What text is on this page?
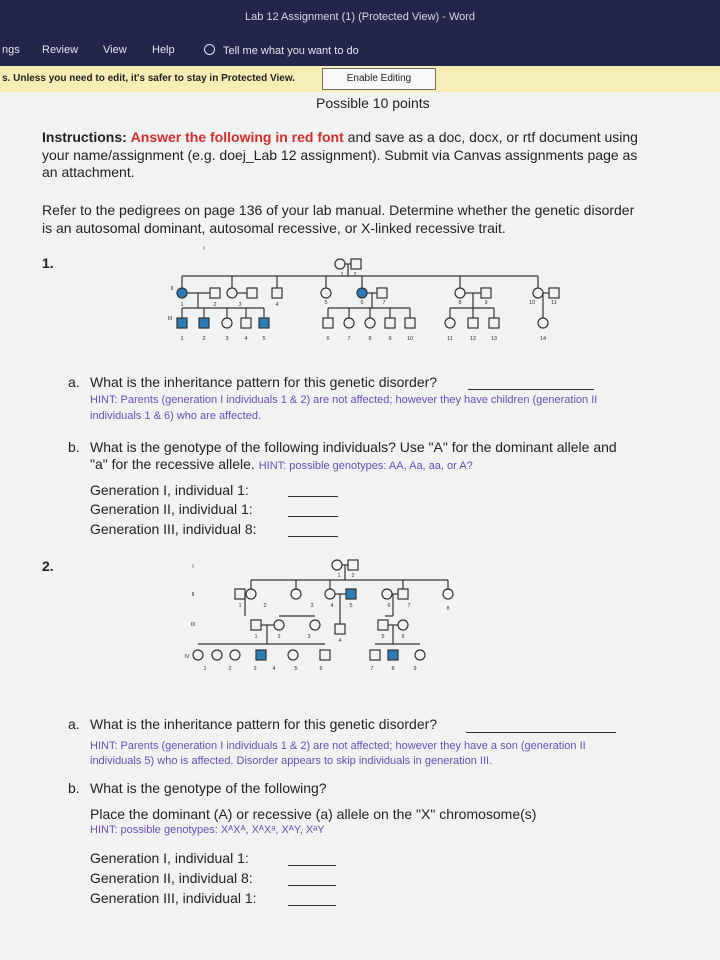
Lab 12 Assignment (1) (Protected View) - Word
ngs Review View Help	Tell me what you want to do
s. Unless you need to edit, it's safer to stay in Protected View.	Enable Editing
Possible 10 points
Instructions: Answer the following in red font and save as a doc, docx, or rtf document using
your name/assignment (e.g. doej_Lab 12 assignment). Submit via Canvas assignments page as
an attachment.
Refer to the pedigrees on page 136 of your lab manual. Determine whether the genetic disorder
is an autosomal dominant, autosomal recessive, or X-linked recessive trait.
1.
I
II
III
1 2
1	2	3	4	5	6	7	8	9	10	11
1	2	3	4	5	6	7	8	9	10	11	12	13	14
a. What is the inheritance pattern for this genetic disorder?
HINT: Parents (generation I individuals 1 & 2) are not affected; however they have children (generation II
individuals 1 & 6) who are affected.
b. What is the genotype of the following individuals? Use "A" for the dominant allele and
"a" for the recessive allele. HINT: possible genotypes: AA, Aa, aa, or A?
Generation I, individual 1:
Generation II, individual 1:
Generation III, individual 8:
2.	I
II
III
IV
1 2
1	2	3	4	5	6	7	8
1	2	3
4
5	6
1	2	3	4	5	6	7	8	9
a. What is the inheritance pattern for this genetic disorder?
HINT: Parents (generation I individuals 1 & 2) are not affected; however they have a son (generation II
individuals 5) who is affected. Disorder appears to skip individuals in generation III.
b. What is the genotype of the following?
Place the dominant (A) or recessive (a) allele on the "X" chromosome(s)
HINT: possible genotypes: XᴬXᴬ, XᴬXᵃ, XᴬY, XᵃY
Generation I, individual 1:
Generation II, individual 8:
Generation III, individual 1:
